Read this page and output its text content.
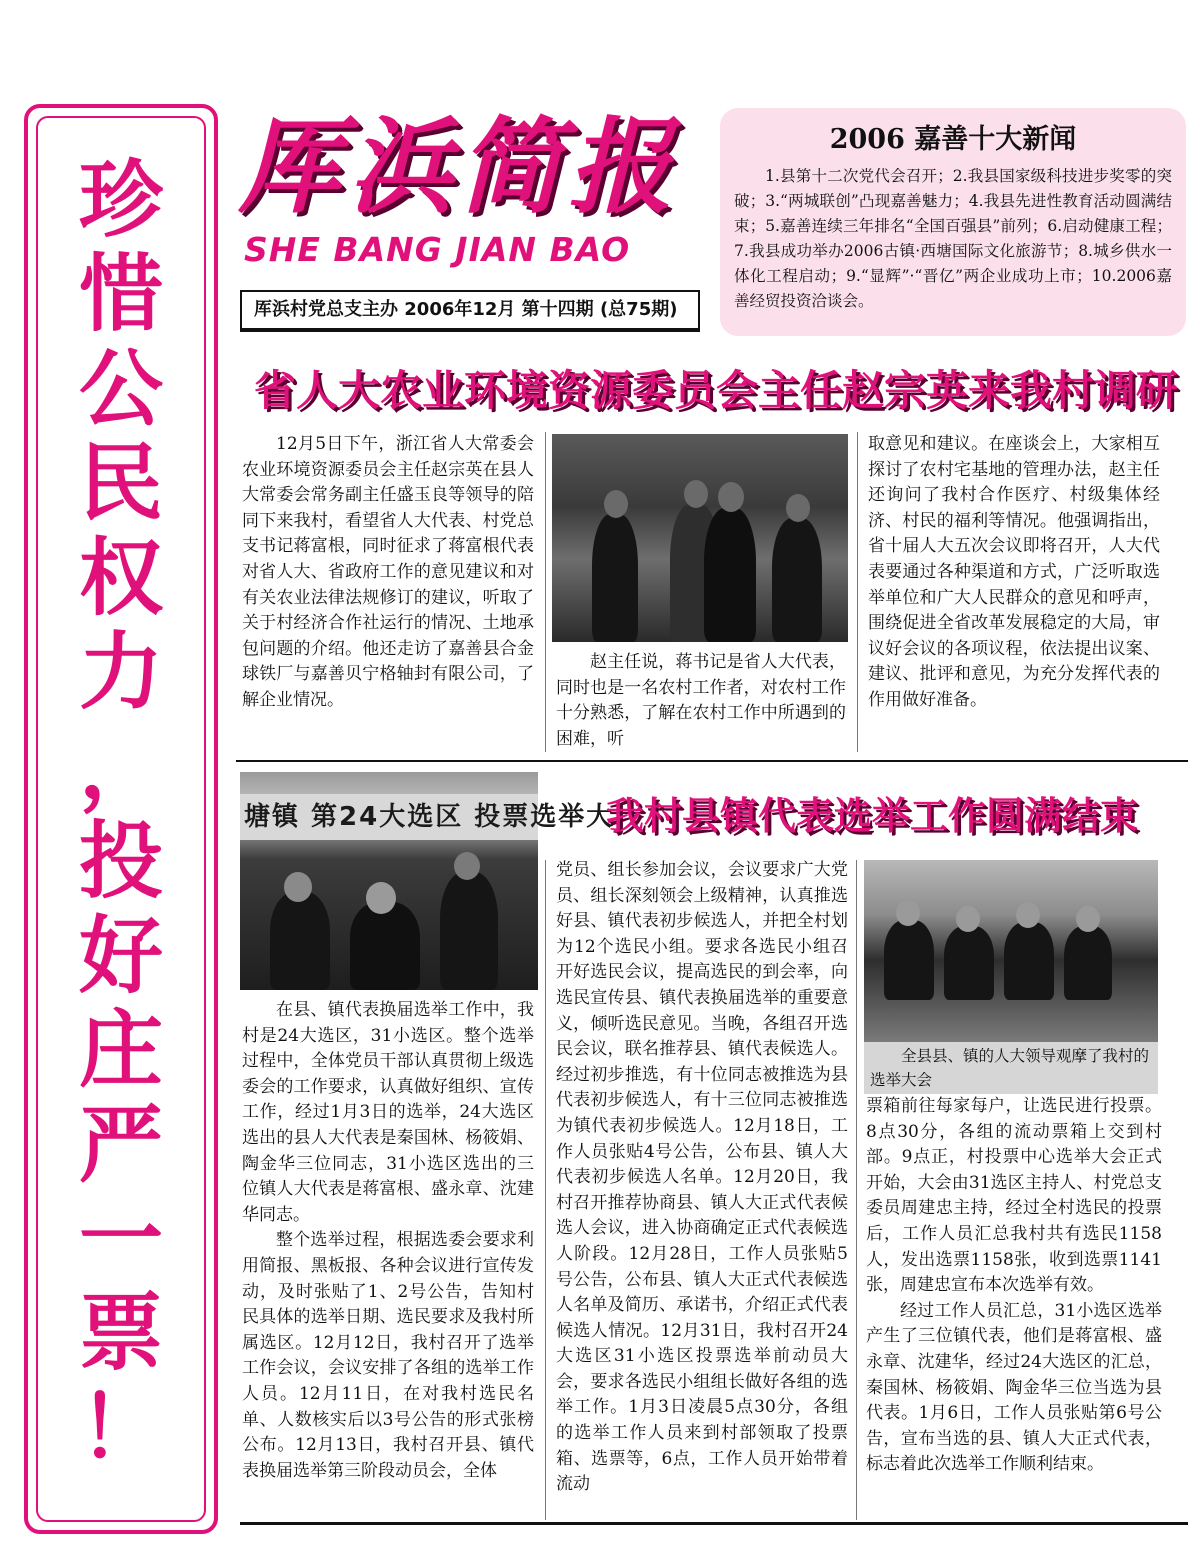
珍
惜
公
民
权
力
，
投
好
庄
严
一
票
！
厍浜简报
SHE BANG JIAN BAO
厍浜村党总支主办 2006年12月 第十四期 (总75期)
2006 嘉善十大新闻
1.县第十二次党代会召开；2.我县国家级科技进步奖零的突破；3.“两城联创”凸现嘉善魅力；4.我县先进性教育活动圆满结束；5.嘉善连续三年排名“全国百强县”前列；6.启动健康工程；7.我县成功举办2006古镇·西塘国际文化旅游节；8.城乡供水一体化工程启动；9.“显辉”·“晋亿”两企业成功上市；10.2006嘉善经贸投资洽谈会。
省人大农业环境资源委员会主任赵宗英来我村调研

12月5日下午，浙江省人大常委会农业环境资源委员会主任赵宗英在县人大常委会常务副主任盛玉良等领导的陪同下来我村，看望省人大代表、村党总支书记蒋富根，同时征求了蒋富根代表对省人大、省政府工作的意见建议和对有关农业法律法规修订的建议，听取了关于村经济合作社运行的情况、土地承包问题的介绍。他还走访了嘉善县合金球铁厂与嘉善贝宁格轴封有限公司，了解企业情况。

赵主任说，蒋书记是省人大代表，同时也是一名农村工作者，对农村工作十分熟悉，了解在农村工作中所遇到的困难，听

取意见和建议。在座谈会上，大家相互探讨了农村宅基地的管理办法，赵主任还询问了我村合作医疗、村级集体经济、村民的福利等情况。他强调指出，省十届人大五次会议即将召开，人大代表要通过各种渠道和方式，广泛听取选举单位和广大人民群众的意见和呼声，围绕促进全省改革发展稳定的大局，审议好会议的各项议程，依法提出议案、建议、批评和意见，为充分发挥代表的作用做好准备。

塘镇 第24大选区 投票选举大
我村县镇代表选举工作圆满结束

在县、镇代表换届选举工作中，我村是24大选区，31小选区。整个选举过程中，全体党员干部认真贯彻上级选委会的工作要求，认真做好组织、宣传工作，经过1月3日的选举，24大选区选出的县人大代表是秦国林、杨筱娟、陶金华三位同志，31小选区选出的三位镇人大代表是蒋富根、盛永章、沈建华同志。

整个选举过程，根据选委会要求利用简报、黑板报、各种会议进行宣传发动，及时张贴了1、2号公告，告知村民具体的选举日期、选民要求及我村所属选区。12月12日，我村召开了选举工作会议，会议安排了各组的选举工作人员。12月11日，在对我村选民名单、人数核实后以3号公告的形式张榜公布。12月13日，我村召开县、镇代表换届选举第三阶段动员会，全体

党员、组长参加会议，会议要求广大党员、组长深刻领会上级精神，认真推选好县、镇代表初步候选人，并把全村划为12个选民小组。要求各选民小组召开好选民会议，提高选民的到会率，向选民宣传县、镇代表换届选举的重要意义，倾听选民意见。当晚，各组召开选民会议，联名推荐县、镇代表候选人。经过初步推选，有十位同志被推选为县代表初步候选人，有十三位同志被推选为镇代表初步候选人。12月18日，工作人员张贴4号公告，公布县、镇人大代表初步候选人名单。12月20日，我村召开推荐协商县、镇人大正式代表候选人会议，进入协商确定正式代表候选人阶段。12月28日，工作人员张贴5号公告，公布县、镇人大正式代表候选人名单及简历、承诺书，介绍正式代表候选人情况。12月31日，我村召开24大选区31小选区投票选举前动员大会，要求各选民小组组长做好各组的选举工作。1月3日凌晨5点30分，各组的选举工作人员来到村部领取了投票箱、选票等，6点，工作人员开始带着流动

全县县、镇的人大领导观摩了我村的选举大会

票箱前往每家每户，让选民进行投票。8点30分，各组的流动票箱上交到村部。9点正，村投票中心选举大会正式开始，大会由31选区主持人、村党总支委员周建忠主持，经过全村选民的投票后，工作人员汇总我村共有选民1158人，发出选票1158张，收到选票1141张，周建忠宣布本次选举有效。

经过工作人员汇总，31小选区选举产生了三位镇代表，他们是蒋富根、盛永章、沈建华，经过24大选区的汇总，秦国林、杨筱娟、陶金华三位当选为县代表。1月6日，工作人员张贴第6号公告，宣布当选的县、镇人大正式代表，标志着此次选举工作顺利结束。
